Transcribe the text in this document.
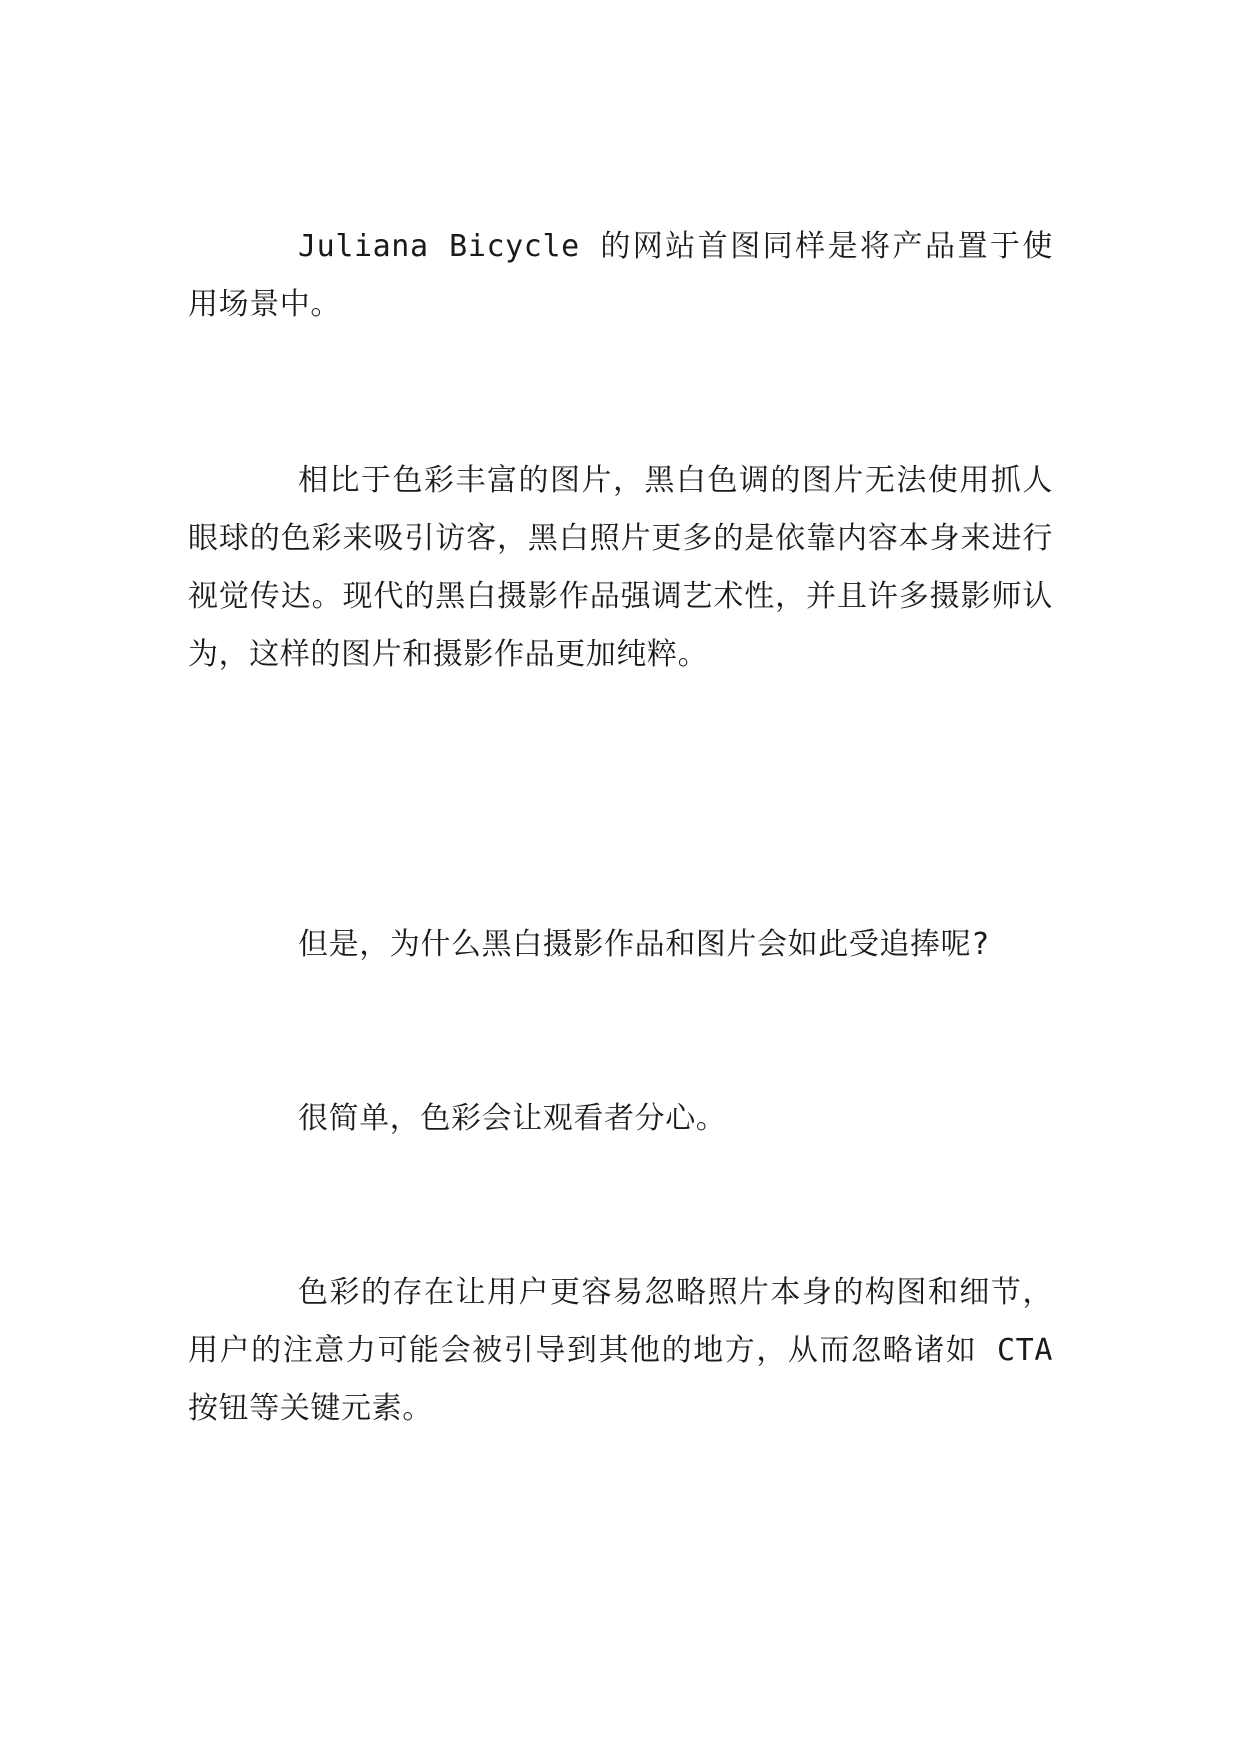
Juliana Bicycle 的网站首图同样是将产品置于使用场景中。

相比于色彩丰富的图片，黑白色调的图片无法使用抓人眼球的色彩来吸引访客，黑白照片更多的是依靠内容本身来进行视觉传达。现代的黑白摄影作品强调艺术性，并且许多摄影师认为，这样的图片和摄影作品更加纯粹。

但是，为什么黑白摄影作品和图片会如此受追捧呢?

很简单，色彩会让观看者分心。

色彩的存在让用户更容易忽略照片本身的构图和细节，用户的注意力可能会被引导到其他的地方，从而忽略诸如 CTA 按钮等关键元素。
